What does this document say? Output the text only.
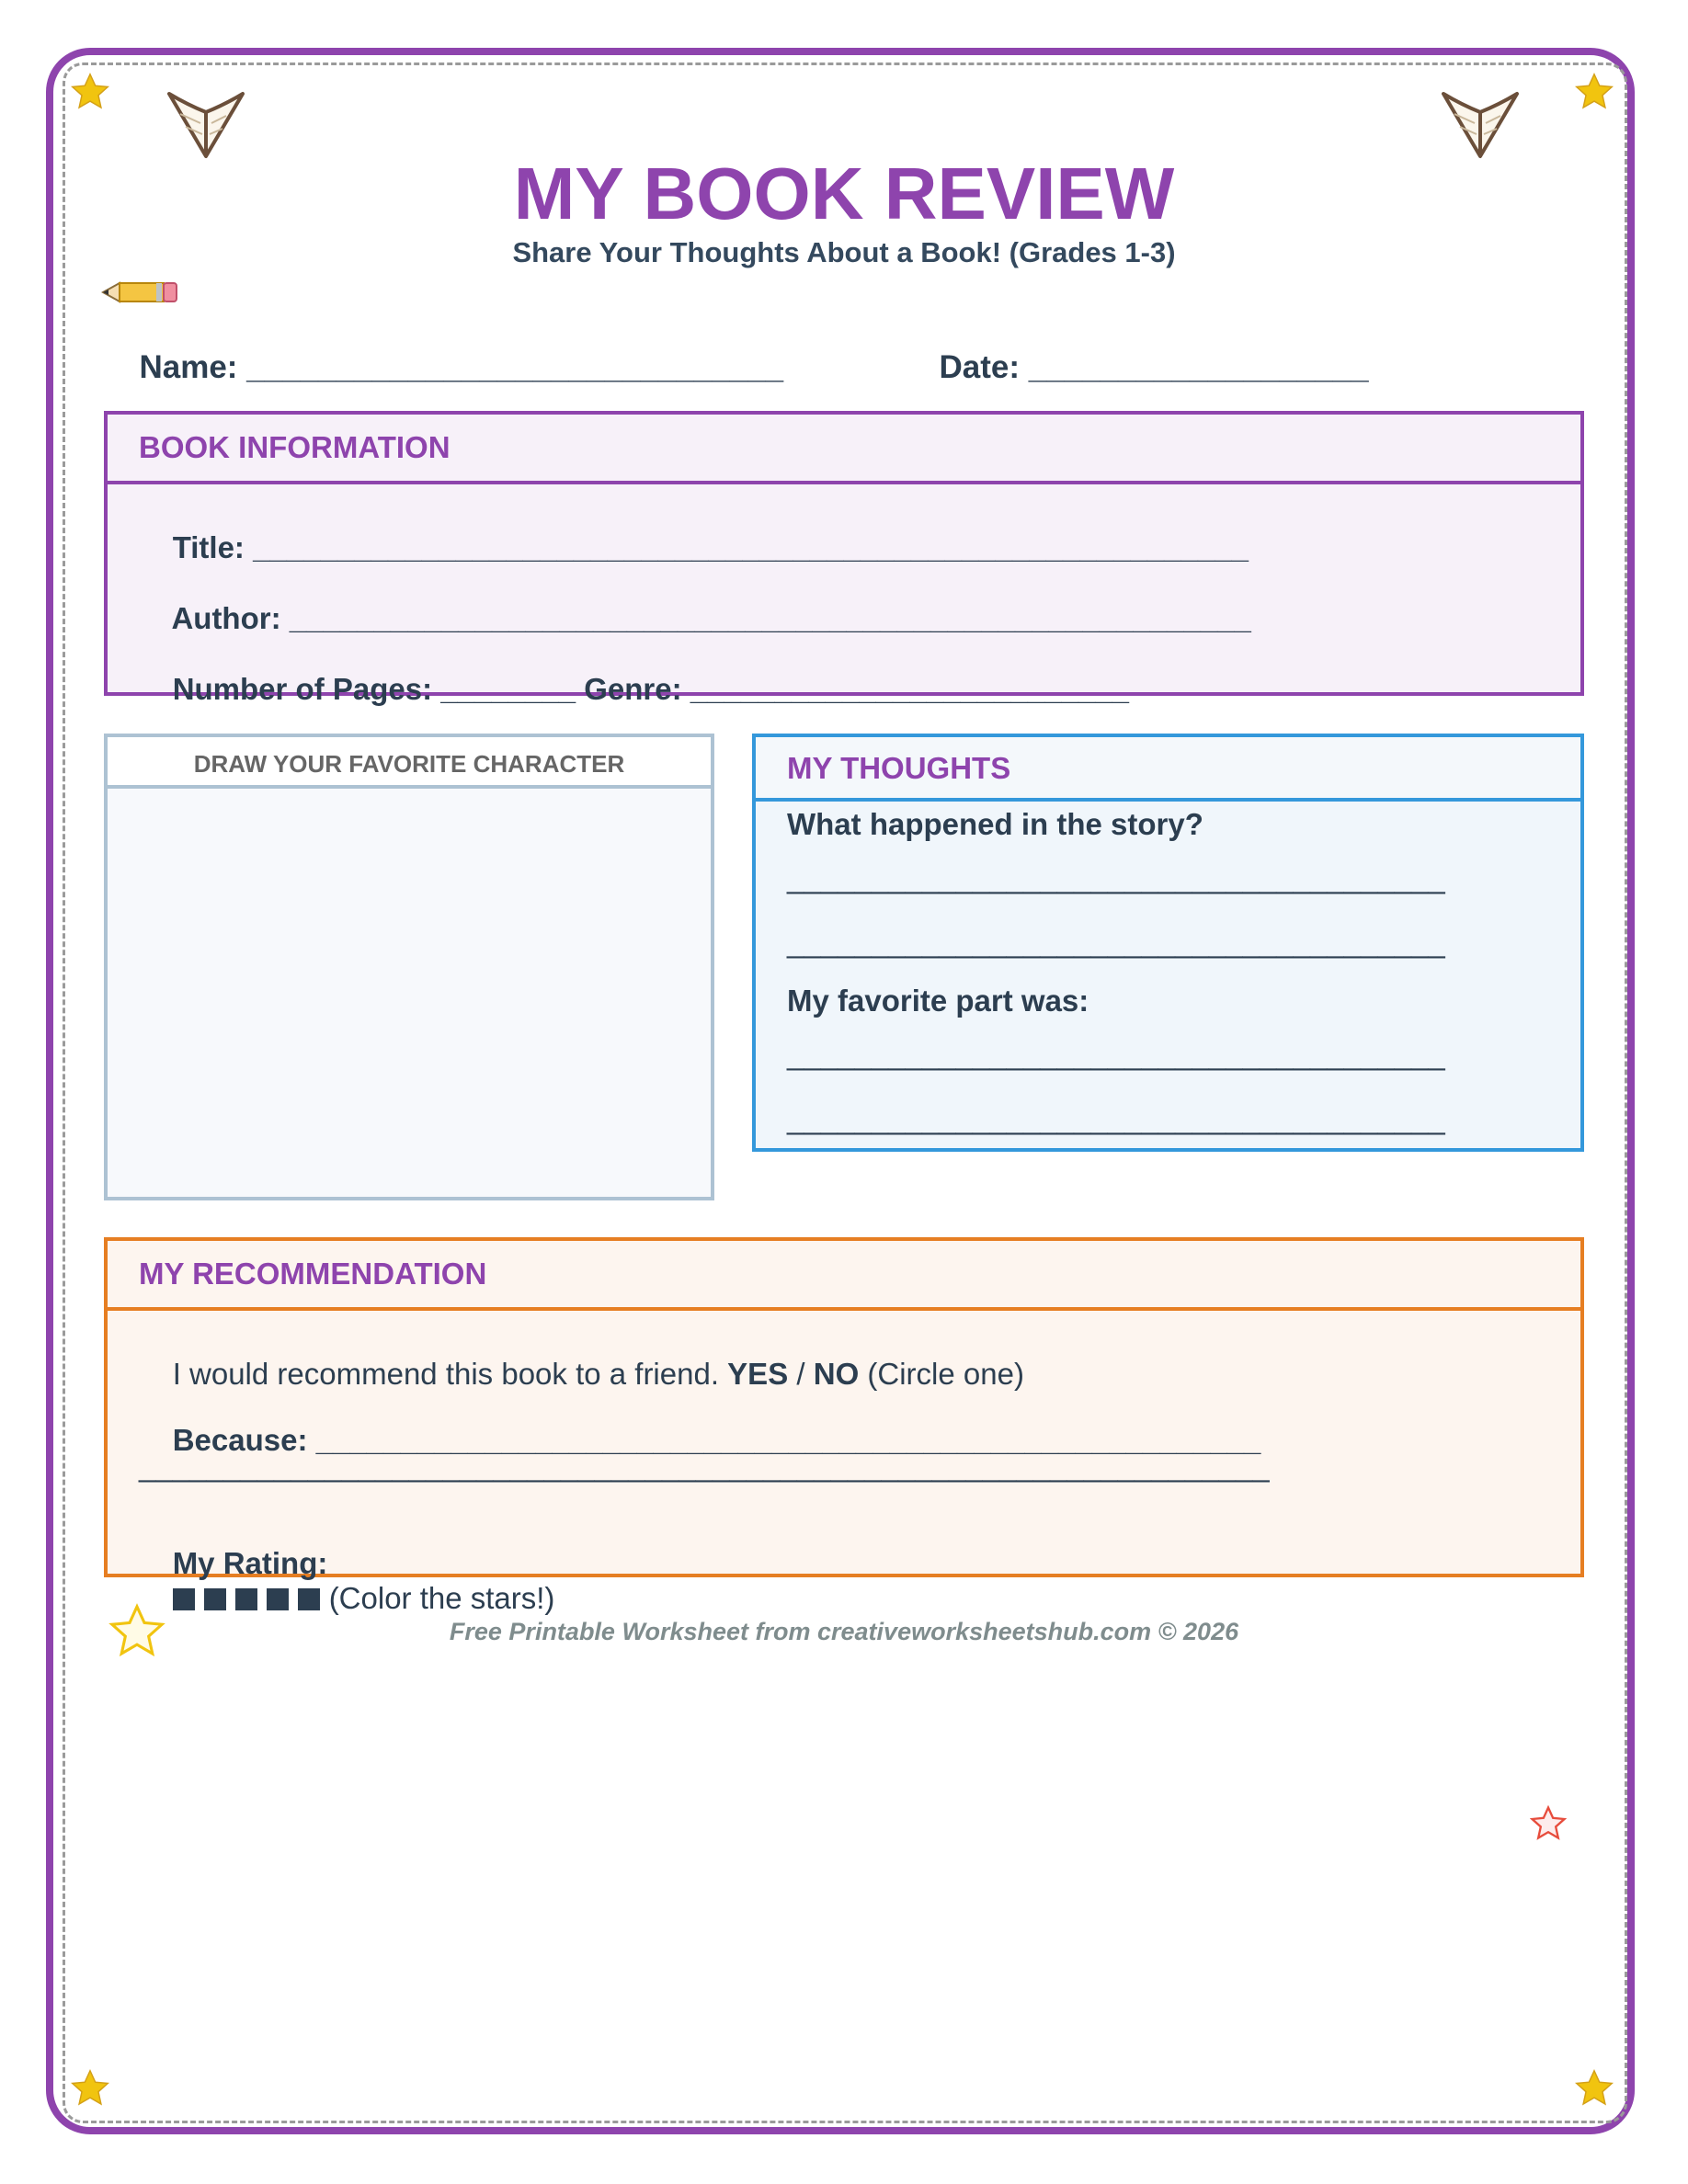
MY BOOK REVIEW
Share Your Thoughts About a Book! (Grades 1-3)

Name: ______________________________	Date: ___________________

BOOK INFORMATION

Title: ___________________________________________________________

Author: _________________________________________________________

Number of Pages: ________ Genre: __________________________

DRAW YOUR FAVORITE CHARACTER	MY THOUGHTS
What happened in the story?
_______________________________________
_______________________________________
My favorite part was:
_______________________________________
_______________________________________
MY RECOMMENDATION

I would recommend this book to a friend. YES / NO (Circle one)

Because: ________________________________________________________

___________________________________________________________________

My Rating:
(Color the stars!)

Free Printable Worksheet from creativeworksheetshub.com © 2026
